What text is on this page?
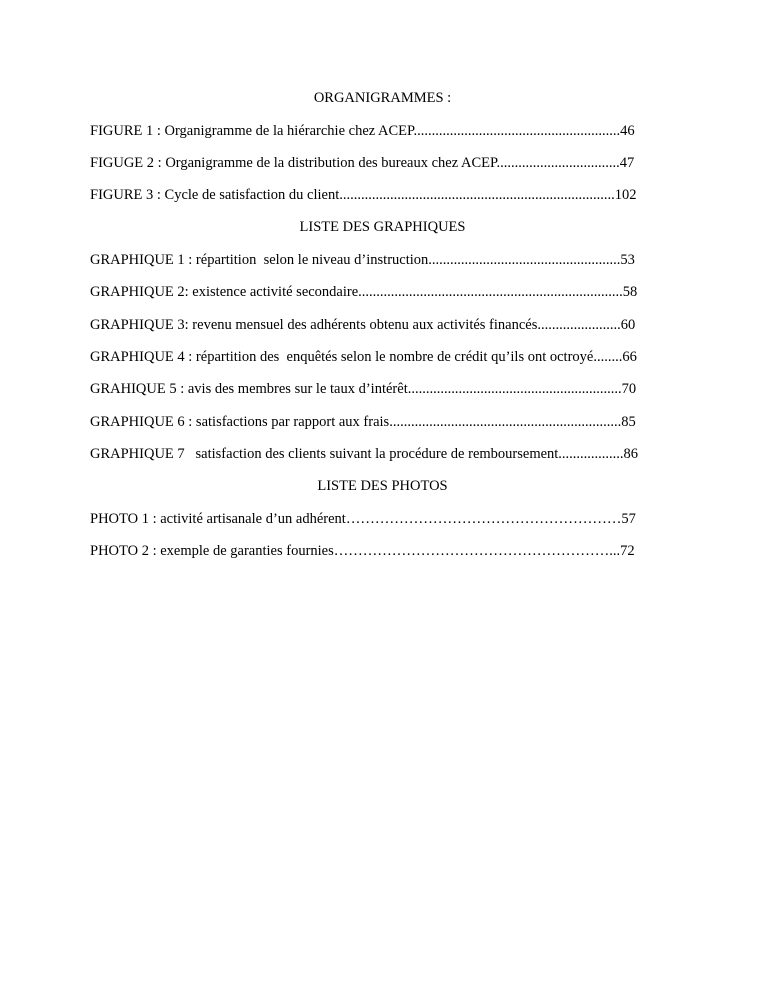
ORGANIGRAMMES :
FIGURE 1 : Organigramme de la hiérarchie chez ACEP.........................................................46
FIGUGE 2 : Organigramme de la distribution des bureaux chez ACEP..................................47
FIGURE 3 : Cycle de satisfaction du client............................................................................102
LISTE DES GRAPHIQUES
GRAPHIQUE 1 : répartition  selon le niveau d’instruction.....................................................53
GRAPHIQUE 2: existence activité secondaire.........................................................................58
GRAPHIQUE 3: revenu mensuel des adhérents obtenu aux activités financés.......................60
GRAPHIQUE 4 : répartition des  enquêtés selon le nombre de crédit qu’ils ont octroyé........66
GRAHIQUE 5 : avis des membres sur le taux d’intérêt...........................................................70
GRAPHIQUE 6 : satisfactions par rapport aux frais................................................................85
GRAPHIQUE 7   satisfaction des clients suivant la procédure de remboursement..................86
LISTE DES PHOTOS
PHOTO 1 : activité artisanale d’un adhérent…………………………………………………57
PHOTO 2 : exemple de garanties fournies…………………………………………………...72
